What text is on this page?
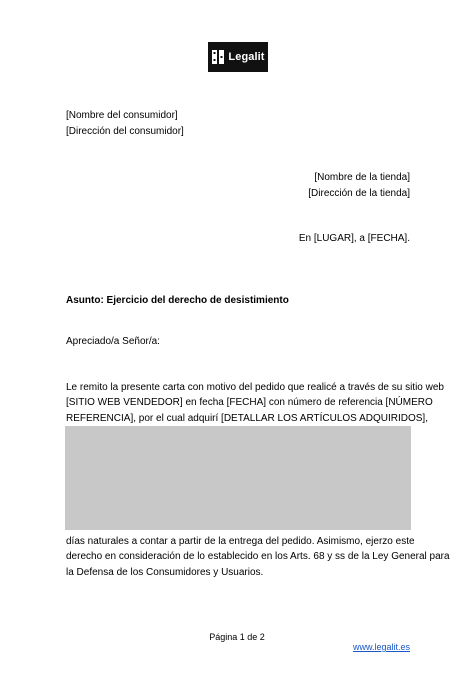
Legalit
[Nombre del consumidor]
[Dirección del consumidor]
[Nombre de la tienda]
[Dirección de la tienda]
En [LUGAR], a [FECHA].
Asunto: Ejercicio del derecho de desistimiento
Apreciado/a Señor/a:
Le remito la presente carta con motivo del pedido que realicé a través de su sitio web
[SITIO WEB VENDEDOR] en fecha [FECHA] con número de referencia [NÚMERO
REFERENCIA], por el cual adquirí [DETALLAR LOS ARTÍCULOS ADQUIRIDOS],
días naturales a contar a partir de la entrega del pedido. Asimismo, ejerzo este
derecho en consideración de lo establecido en los Arts. 68 y ss de la Ley General para
la Defensa de los Consumidores y Usuarios.
Página 1 de 2
www.legalit.es
